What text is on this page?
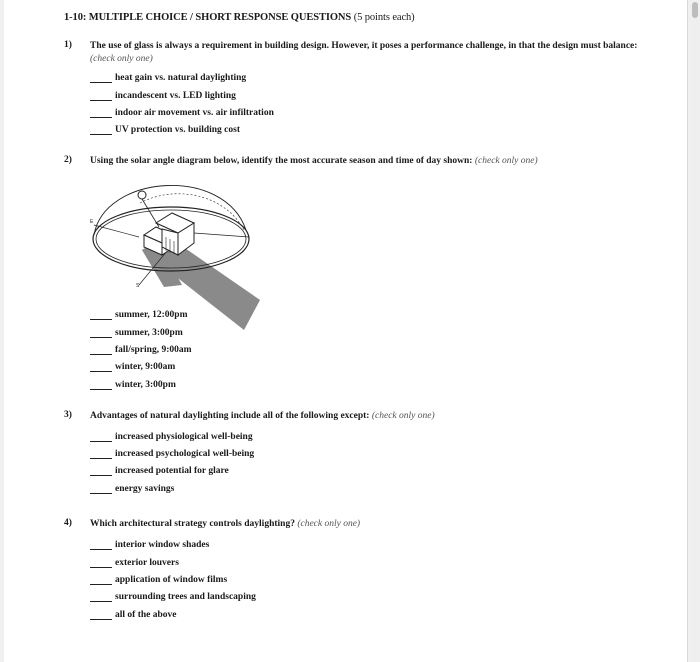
1-10: MULTIPLE CHOICE / SHORT RESPONSE QUESTIONS (5 points each)
1)	The use of glass is always a requirement in building design. However, it poses a performance challenge, in that the design must balance: (check only one)
heat gain vs. natural daylighting
incandescent vs. LED lighting
indoor air movement vs. air infiltration
UV protection vs. building cost
2)	Using the solar angle diagram below, identify the most accurate season and time of day shown: (check only one)
E
S
summer, 12:00pm
summer, 3:00pm
fall/spring, 9:00am
winter, 9:00am
winter, 3:00pm
3)	Advantages of natural daylighting include all of the following except: (check only one)
increased physiological well-being
increased psychological well-being
increased potential for glare
energy savings
4)	Which architectural strategy controls daylighting? (check only one)
interior window shades
exterior louvers
application of window films
surrounding trees and landscaping
all of the above
